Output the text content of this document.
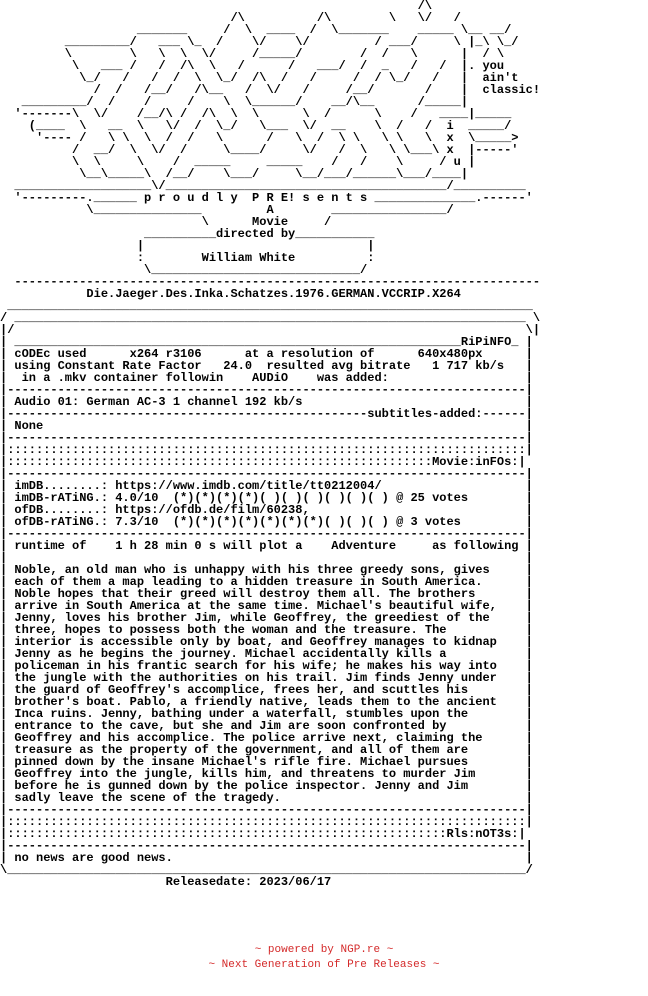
/\
/\          /\        \   \/   /
_______     /  \  ____  /  \_______    _____ \__ __/
_________/   ___ \_  /    \/    \/         / ___/     \ |_\ \_/
\        \   \  \  \/     /_____/        /  /   \      |  / \
\   ___ /   /  /\  \   /      /   ___/  /  _   /   /  |. you
\_/   /   /  /  \  \_/  /\  /   /     /  / \_/   /   |  ain't
/  /   /__/   /\__   /  \/   /     /__/       /    |  classic!
_________/  /    /     /    \  \______/    __/\__      /_____|
'-------\  \/    /__/\ /  /\  \  \      \  /      \    /   ____|_____
(____  \   __  \   \/  /  \_/   \___  \/  __    \  /   /  i  _____/
'---- /   \ \  \  /  /   \      /   \  /  \ \   \ \   \  x  \_____>
/  __/  \  \/  /     \____/     \/   /  \   \ \___\ x  |-----'
\  \     \    /  _____     _____    /   /    \     / u |
\__\_____\  /__/    \___/     \__/___/______\___/____|
___________________\/_______________________________________/__________
'---------.______ p r o u d l y  P R E! s e n t s ______________.------'
\_______________         A        ________________/
\      Movie     /
__________directed by___________
|                               |
:        William White          :
\_____________________________/
-------------------------------------------------------------------------
Die.Jaeger.Des.Inka.Schatzes.1976.GERMAN.VCCRIP.X264
_________________________________________________________________________
/ _______________________________________________________________________ \
|/                                                                       \|
| ______________________________________________________________RiPiNFO_ |
| cODEc used      x264 r3106      at a resolution of      640x480px      |
| using Constant Rate Factor   24.0  resulted avg bitrate   1 717 kb/s   |
|  in a .mkv container followin    AUDiO    was added:                   |
|------------------------------------------------------------------------|
| Audio 01: German AC-3 1 channel 192 kb/s                               |
|--------------------------------------------------subtitles-added:------|
| None                                                                   |
|------------------------------------------------------------------------|
|::::::::::::::::::::::::::::::::::::::::::::::::::::::::::::::::::::::::|
|:::::::::::::::::::::::::::::::::::::::::::::::::::::::::::Movie:inFOs:|
|------------------------------------------------------------------------|
| imDB........: https://www.imdb.com/title/tt0212004/                    |
| imDB-rATiNG.: 4.0/10  (*)(*)(*)(*)( )( )( )( )( )( ) @ 25 votes        |
| ofDB........: https://ofdb.de/film/60238,                              |
| ofDB-rATiNG.: 7.3/10  (*)(*)(*)(*)(*)(*)(*)( )( )( ) @ 3 votes         |
|------------------------------------------------------------------------|
| runtime of    1 h 28 min 0 s will plot a    Adventure     as following |
|                                                                        |
| Noble, an old man who is unhappy with his three greedy sons, gives     |
| each of them a map leading to a hidden treasure in South America.      |
| Noble hopes that their greed will destroy them all. The brothers       |
| arrive in South America at the same time. Michael's beautiful wife,    |
| Jenny, loves his brother Jim, while Geoffrey, the greediest of the     |
| three, hopes to possess both the woman and the treasure. The           |
| interior is accessible only by boat, and Geoffrey manages to kidnap    |
| Jenny as he begins the journey. Michael accidentally kills a           |
| policeman in his frantic search for his wife; he makes his way into    |
| the jungle with the authorities on his trail. Jim finds Jenny under    |
| the guard of Geoffrey's accomplice, frees her, and scuttles his        |
| brother's boat. Pablo, a friendly native, leads them to the ancient    |
| Inca ruins. Jenny, bathing under a waterfall, stumbles upon the        |
| entrance to the cave, but she and Jim are soon confronted by           |
| Geoffrey and his accomplice. The police arrive next, claiming the      |
| treasure as the property of the government, and all of them are        |
| pinned down by the insane Michael's rifle fire. Michael pursues        |
| Geoffrey into the jungle, kills him, and threatens to murder Jim       |
| before he is gunned down by the police inspector. Jenny and Jim        |
| sadly leave the scene of the tragedy.                                  |
|------------------------------------------------------------------------|
|::::::::::::::::::::::::::::::::::::::::::::::::::::::::::::::::::::::::|
|:::::::::::::::::::::::::::::::::::::::::::::::::::::::::::::Rls:nOT3s:|
|------------------------------------------------------------------------|
| no news are good news.                                                 |
\________________________________________________________________________/
Releasedate: 2023/06/17
~ powered by NGP.re ~
~ Next Generation of Pre Releases ~
